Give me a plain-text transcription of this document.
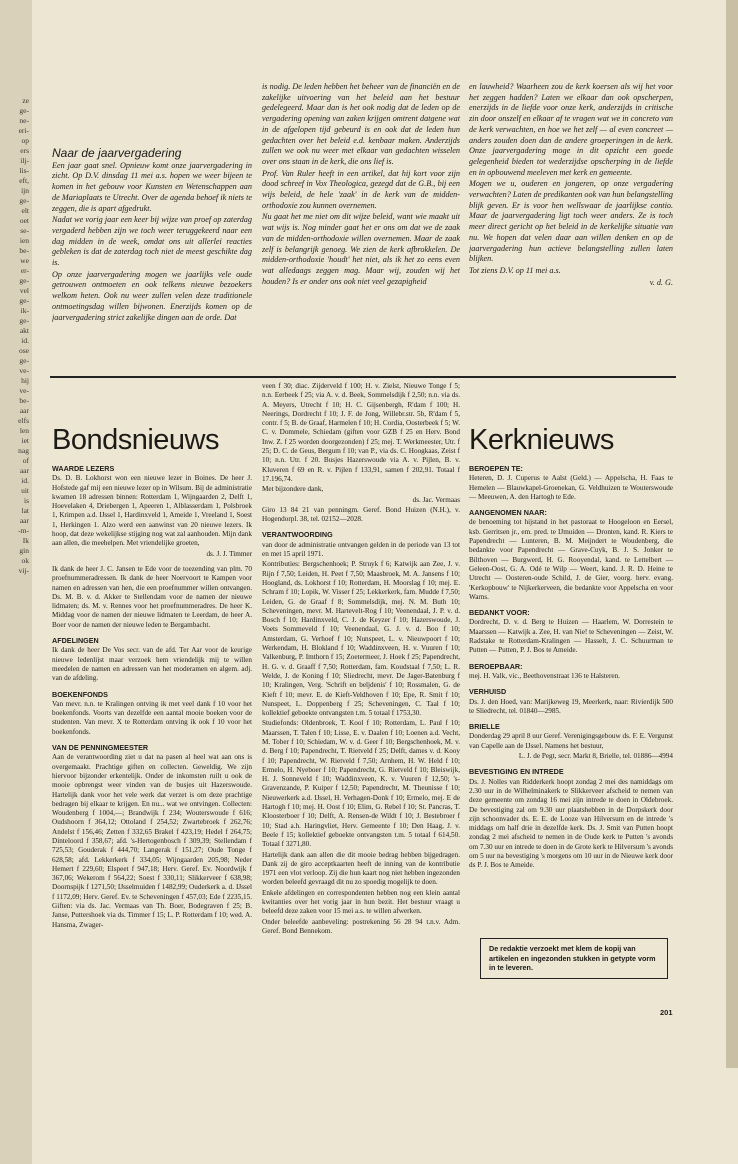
ze
ge-
ne-
eri-
op
ers
ilj-
lis-
eft,
ijn
ge-
elt
oet
se-
ien
be-
we
er-
ge-
vel
ge-
ik-
ge-
akt
id.
ose
ge-
ve-
hij
ve-
be-
aar
elfs
len
iet
nag
of
aar
id.
uit
is
lat
aar
-m-
Ik
gin
ok
vij-
Naar de jaarvergadering

Een jaar gaat snel. Opnieuw komt onze jaarvergadering in zicht. Op D.V. dinsdag 11 mei a.s. hopen we weer bijeen te komen in het gebouw voor Kunsten en Wetenschappen aan de Mariaplaats te Utrecht. Over de agenda behoef ik niets te zeggen, die is apart afgedrukt.

Nadat we vorig jaar een keer bij wijze van proef op zaterdag vergaderd hebben zijn we toch weer teruggekeerd naar een dag midden in de week, omdat ons uit allerlei reacties gebleken is dat de zaterdag toch niet de meest geschikte dag is.

Op onze jaarvergadering mogen we jaarlijks vele oude getrouwen ontmoeten en ook telkens nieuwe bezoekers welkom heten. Ook nu weer zullen velen deze traditionele ontmoetingsdag willen bijwonen. Enerzijds komen op de jaarvergadering strict zakelijke dingen aan de orde. Dat

is nodig. De leden hebben het beheer van de financiën en de zakelijke uitvoering van het beleid aan het bestuur gedelegeerd. Maar dan is het ook nodig dat de leden op de vergadering opening van zaken krijgen omtrent datgene wat in de afgelopen tijd gebeurd is en ook dat de leden hun gedachten over het beleid e.d. kenbaar maken. Anderzijds zullen we ook nu weer met elkaar van gedachten wisselen over ons staan in de kerk, die ons lief is.

Prof. Van Ruler heeft in een artikel, dat hij kort voor zijn dood schreef in Vox Theologica, gezegd dat de G.B., bij een wijs beleid, de hele 'zaak' in de kerk van de midden-orthodoxie zou kunnen overnemen.

Nu gaat het me niet om dit wijze beleid, want wie maakt uit wat wijs is. Nog minder gaat het er ons om dat we de zaak van de midden-orthodoxie willen overnemen. Maar de zaak zelf is belangrijk genoeg. We zien de kerk afbrokkelen. De midden-orthodoxie 'houdt' het niet, als ik het zo eens even wat alledaags zeggen mag. Maar wij, zouden wij het houden? Is er onder ons ook niet veel gezapigheid

en lauwheid? Waarheen zou de kerk koersen als wij het voor het zeggen hadden? Laten we elkaar dan ook opscherpen, enerzijds in de liefde voor onze kerk, anderzijds in critische zin door onszelf en elkaar af te vragen wat we in concreto van de kerk verwachten, en hoe we het zelf — al even concreet — anders zouden doen dan de andere groeperingen in de kerk. Onze jaarvergadering moge in dit opzicht een goede gelegenheid bieden tot wederzijdse opscherping in de liefde en in opbouwend meeleven met kerk en gemeente.

Mogen we u, ouderen en jongeren, op onze vergadering verwachten? Laten de predikanten ook van hun belangstelling blijk geven. Er is voor hen wellswaar de jaarlijkse contio. Maar de jaarvergadering ligt toch weer anders. Ze is toch meer direct gericht op het beleid in de kerkelijke situatie van nu. We hopen dat velen daar aan willen denken en op de jaarvergadering hun actieve belangstelling zullen laten blijken.

Tot ziens D.V. op 11 mei a.s.

v. d. G.

Bondsnieuws
WAARDE LEZERS

Ds. D. B. Lokhorst won een nieuwe lezer in Boines. De heer J. Hofstede gaf mij een nieuwe lezer op in Wilsum. Bij de administratie kwamen 18 adressen binnen: Rotterdam 1, Wijngaarden 2, Delft 1, Hoevelaken 4, Driebergen 1, Apeeren 1, Alblasserdam 1, Polsbroek 1, Krimpen a.d. IJssel 1, Hardinxveld 1, Ameide 1, Vreeland 1, Soest 1, Herkingen 1. Alzo werd een aanwinst van 20 nieuwe lezers. Ik hoop, dat deze wekelijkse stijging nog wat zal aanhouden. Mijn dank aan allen, die meehelpen. Met vriendelijke groeten,

ds. J. J. Timmer

Ik dank de heer J. C. Jansen te Ede voor de toezending van plm. 70 proefnummeradressen. Ik dank de heer Noervoort te Kampen voor namen en adressen van hen, die een proefnummer willen ontvangen. Ds. M. B. v. d. Akker te Stellendam voor de namen der nieuwe lidmaten; ds. M. v. Rennes voor het proefnummeradres. De heer K. Middag voor de namen der nieuwe lidmaten te Leerdam, de heer A. Boer voor de namen der nieuwe leden te Bergambacht.

AFDELINGEN

Ik dank de heer De Vos secr. van de afd. Ter Aar voor de keurige nieuwe ledenlijst maar verzoek hem vriendelijk mij te willen meedelen de namen en adressen van het moderamen en algem. adj. van de afdeling.

BOEKENFONDS

Van mevr. n.n. te Kralingen ontving ik met veel dank f 10 voor het boekenfonds. Voorts van dezelfde een aantal mooie boeken voor de studenten. Van mevr. X te Rotterdam ontving ik ook f 10 voor het boekenfonds.

VAN DE PENNINGMEESTER

Aan de verantwoording ziet u dat na pasen al heel wat aan ons is overgemaakt. Prachtige giften en collecten. Geweldig. We zijn hiervoor bijzonder erkentelijk. Onder de inkomsten ruilt u ook de mooie opbrengst weer vinden van de busjes uit Hazerswoude. Hartelijk dank voor het vele werk dat verzet is om deze prachtige bedragen bij elkaar te krijgen. En nu... wat we ontvingen. Collecten: Woudenberg f 1004,—; Brandwijk f 234; Wouterswoude f 616; Oudshoorn f 364,12; Ottoland f 254,52; Zwartebroek f 262,76; Andelst f 156,46; Zetten f 332,65 Brakel f 423,19; Hedel f 264,75; Dinteloord f 358,67; afd. 's-Hertogenbosch f 309,39; Stellendam f 725,53; Gouderak f 444,70; Langerak f 151,27; Oude Tonge f 628,58; afd. Lekkerkerk f 334,05; Wijngaarden 205,98; Neder Hemert f 229,60; Elspeet f 947,18; Herv. Geref. Ev. Noordwijk f 367,06; Wekerom f 564,22; Soest f 330,11; Slikkerveer f 638,98; Doornspijk f 1271,50; IJsselmuiden f 1482,99; Ouderkerk a. d. IJssel f 1172,09; Herv. Geref. Ev. te Scheveningen f 457,03; Ede f 2235,15. Giften: via ds. Jac. Vermaas van Th. Boer, Bodegraven f 25; B. Janse, Puttershoek via ds. Timmer f 15; L. P. Rotterdam f 10; wed. A. Hansma, Zwager-

veen f 30; diac. Zijderveld f 100; H. v. Zielst, Nieuwe Tonge f 5; n.n. Eerbeek f 25; via A. v. d. Beek, Sommelsdijk f 2,50; n.n. via ds. A. Meyers, Utrecht f 10; H. C. Gijsenbergh, R'dam f 100; H. Neerings, Dordrecht f 10; J. F. de Jong, Willebr.str. 5b, R'dam f 5, contr. f 5; B. de Graaf, Harmelen f 10; H. Cordia, Oosterbeek f 5; W. C. v. Dommele, Schiedam (giften voor GZB f 25 en Herv. Bond Inw. Z. f 25 worden doorgezonden) f 25; mej. T. Werkmeester, Utr. f 25; D. C. de Geus, Bergum f 10; van P., via ds. C. Hoogkaas, Zeist f 10; n.n. Utr. f 20. Busjes Hazerswoude via A. v. Pijlen, B. v. Kluveren f 69 en R. v. Pijlen f 133,91, samen f 202,91. Totaal f 17.196,74.

Met bijzondere dank,

ds. Jac. Vermaas

Giro 13 84 21 van penningm. Geref. Bond Huizen (N.H.), v. Hogendorpl. 38, tel. 02152—2028.

VERANTWOORDING

van door de administratie ontvangen gelden in de periode van 13 tot en met 15 april 1971.

Kontributies: Bergschenhoek; P. Struyk f 6; Katwijk aan Zee, J. v. Rijn f 7,50; Leiden, H. Peet f 7,50; Maasbroek, M. A. Jansens f 10; Hoogland, ds. Lokhorst f 10; Rotterdam, H. Moorslag f 10; mej. E. Schram f 10; Lopik, W. Visser f 25; Lekkerkerk, fam. Mudde f 7,50; Leiden, G. de Graaf f 8; Sommelsdijk, mej. N. M. Buth 10; Scheveningen, mevr. M. Hartevelt-Rog f 10; Veenendaal, J. P. v. d. Bosch f 10; Hardinxveld, C. J. de Keyzer f 10; Hazerswoude, J. Voets Sommeveld f 10; Veenendaal, G. J. v. d. Boo f 10; Amsterdam, G. Verhoef f 10; Nunspeet, L. v. Nieuwpoort f 10; Werkendam, H. Blokland f 10; Waddinxveen, H. v. Vuuren f 10; Valkenburg, P. Imthorn f 15; Zoetermeer, J. Hoek f 25; Papendrecht, H. G. v. d. Graaff f 7,50; Rotterdam, fam. Koudstaal f 7,50; L. R. Welde, J. de Koning f 10; Sliedrecht, mevr. De Jager-Batenburg f 10; Kralingen, Verg. 'Schrift en beljdenis' f 10; Rossmalen, G. de Kieft f 10; mevr. E. de Kieft-Veldhoven f 10; Epe, R. Smit f 10; Nunspeet, L. Doppenberg f 25; Scheveningen, C. Taal f 10; kollektief geboekte ontvangsten t.m. 5 totaal f 1753,30.

Studiefonds: Oldenbroek, T. Kool f 10; Rotterdam, L. Paul f 10; Maarssen, T. Talen f 10; Lisse, E. v. Daalen f 10; Loenen a.d. Vecht, M. Tober f 10; Schiedam, W. v. d. Geer f 10; Bergschenhoek, M. v. d. Berg f 10; Papendrecht, T. Rietveld f 25; Delft, dames v. d. Kooy f 10; Papendrecht, W. Rietveld f 7,50; Arnhem, H. W. Held f 10; Ermelo, H. Nyeboer f 10; Papendrecht, G. Rietveld f 10; Bleiswijk, H. J. Sonneveld f 10; Waddinxveen, K. v. Vuuren f 12,50; 's-Gravenzande, P. Kuiper f 12,50; Papendrecht, M. Theunisse f 10; Nieuwerkerk a.d. IJssel, H. Verhagen-Donk f 10; Ermelo, mej. E de Hartogh f 10; mej. H. Oost f 10; Elim, G. Rebel f 10; St. Pancras, T. Kloosterboer f 10; Delft, A. Rensen-de Wildt f 10; J. Bestebroer f 10; Stad a.h. Haringvliet, Herv. Gemeente f 10; Den Haag, J. v. Beele f 15; kollektief geboekte ontvangsten t.m. 5 totaal f 614,50. Totaal f 3271,80.

Hartelijk dank aan allen die dit mooie bedrag hebben bijgedragen. Dank zij de giro acceptkaarten heeft de inning van de kontributie 1971 een vlot verloop. Zij die hun kaart nog niet hebben ingezonden worden beleefd gevraagd dit nu zo spoedig mogelijk te doen.

Enkele afdelingen en correspondenten hebben nog een klein aantal kwitanties over het vorig jaar in hun bezit. Het bestuur vraagt u beleefd deze zaken voor 15 mei a.s. te willen afwerken.

Onder beleefde aanbeveling: postrekening 56 28 94 t.n.v. Adm. Geref. Bond Bennekom.

Kerknieuws
BEROEPEN TE:

Heteren, D. J. Cuperus te Aalst (Geld.) — Appelscha, H. Faas te Hemelen — Blauwkapel-Groenekan, G. Veldhuizen te Wouterswoude — Meeuwen, A. den Hartogh te Ede.

AANGENOMEN NAAR:

de benoeming tot hijstand in het pastoraat te Hoogeloon en Eersel, ksb. Gerritsen jr., em. pred. te IJmuiden — Dronten, kand. R. Kiers te Papendrecht — Lunteren, B. M. Meijndert te Woudenberg, die bedankte voor Papendrecht — Grave-Cuyk, B. J. S. Jonker te Bilthoven — Burgwerd, H. G. Rooyendal, kand. te Lettelbert — Geleen-Oost, G. A. Odé te Wilp — Weert, kand. J. R. D. Heine te Utrecht — Oosteren-oude Schild, J. de Gier, voorg. herv. evang. 'Kerkopbouw' te Nijkerkerveen, die bedankte voor Appelscha en voor Warns.

BEDANKT VOOR:

Dordrecht, D. v. d. Berg te Huizen — Haarlem, W. Dorrestein te Maarssen — Katwijk a. Zee, H. van Nie! te Scheveningen — Zeist, W. Radstake te Rotterdam-Kralingen — Hasselt, J. C. Schuurman te Putten — Putten, P. J. Bos te Ameide.

BEROEPBAAR:

mej. H. Valk, vic., Beethovenstraat 136 te Halsteren.

VERHUISD

Ds. J. den Hoed, van: Marijkeweg 19, Meerkerk, naar: Rivierdijk 500 te Sliedrecht, tel. 01840—2985.

BRIELLE

Donderdag 29 april 8 uur Geref. Verenigingsgebouw ds. F. E. Vergunst van Capelle aan de IJssel. Namens het bestuur,

L. J. de Pegt, secr. Markt 8, Brielle, tel. 01886—4994

BEVESTIGING EN INTREDE

Ds. J. Nolles van Ridderkerk hoopt zondag 2 mei des namiddags om 2.30 uur in de Wilhelminakerk te Slikkerveer afscheid te nemen van deze gemeente om zondag 16 mei zijn intrede te doen in Oldebroek. De bevestiging zal om 9.30 uur plaatshebben in de Dorpskerk door zijn schoonvader ds. E. E. de Looze van Hilversum en de intrede 's middags om half drie in dezelfde kerk. Ds. J. Smit van Putten hoopt zondag 2 mei afscheid te nemen in de Oude kerk te Putten 's avonds om 7.30 uur en intrede te doen in de Grote kerk te Hilversum 's avonds om 5 uur na bevestiging 's morgens om 10 uur in de Nieuwe kerk door ds P. J. Bos te Ameide.

De redaktie verzoekt met klem de kopij van artikelen en ingezonden stukken in getypte vorm in te leveren.
201
